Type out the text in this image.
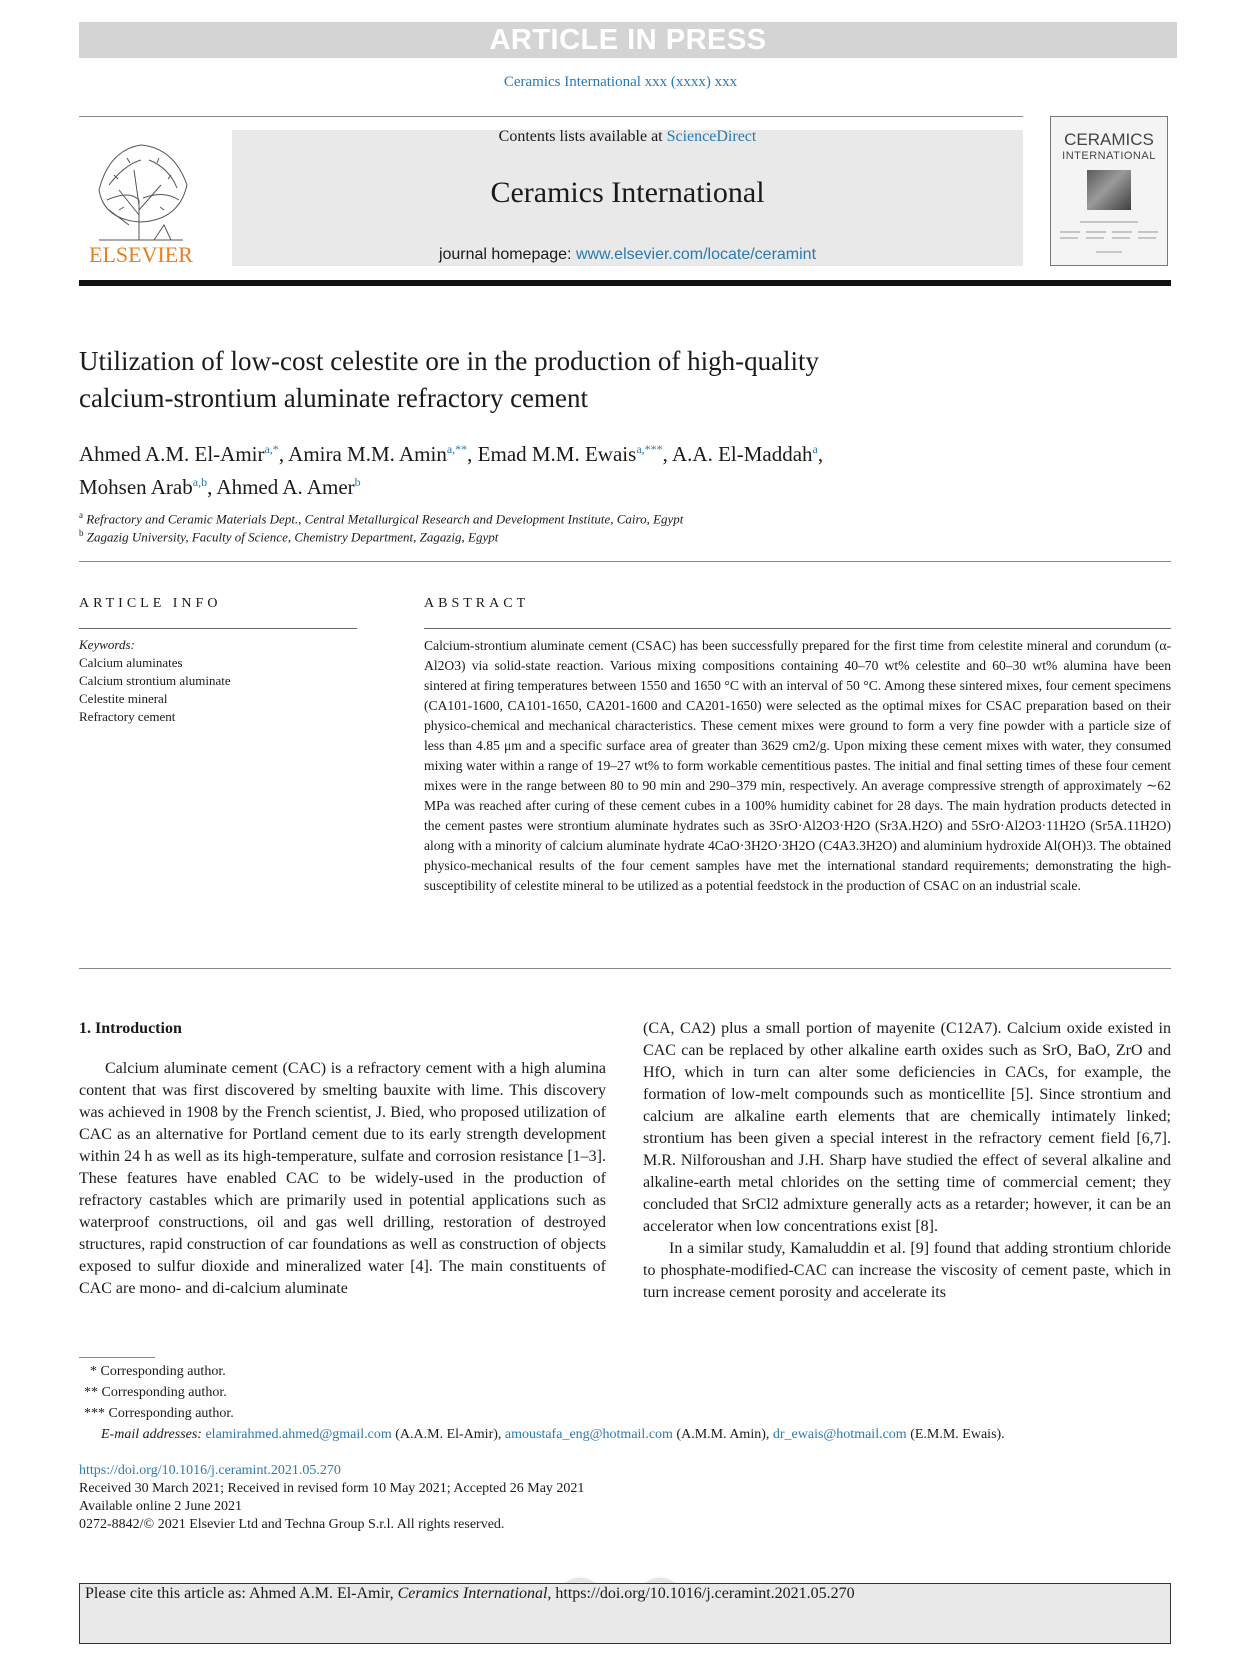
ARTICLE IN PRESS
Ceramics International xxx (xxxx) xxx
ELSEVIER
Contents lists available at ScienceDirect
Ceramics International
journal homepage: www.elsevier.com/locate/ceramint
CERAMICS
INTERNATIONAL
Utilization of low-cost celestite ore in the production of high-quality
calcium-strontium aluminate refractory cement
Ahmed A.M. El-Amir$^{a,*}$, Amira M.M. Amin$^{a,**}$, Emad M.M. Ewais$^{a,***}$, A.A. El-Maddah$^a$,
Mohsen Arab$^{a,b}$, Ahmed A. Amer$^b$
$^a$ Refractory and Ceramic Materials Dept., Central Metallurgical Research and Development Institute, Cairo, Egypt
$^b$ Zagazig University, Faculty of Science, Chemistry Department, Zagazig, Egypt
ARTICLE INFO	ABSTRACT
Keywords:
Calcium aluminates
Calcium strontium aluminate
Celestite mineral
Refractory cement
Calcium-strontium aluminate cement (CSAC) has been successfully prepared for the first time from celestite mineral and corundum (α-Al2O3) via solid-state reaction. Various mixing compositions containing 40–70 wt% celestite and 60–30 wt% alumina have been sintered at firing temperatures between 1550 and 1650 °C with an interval of 50 °C. Among these sintered mixes, four cement specimens (CA101-1600, CA101-1650, CA201-1600 and CA201-1650) were selected as the optimal mixes for CSAC preparation based on their physico-chemical and mechanical characteristics. These cement mixes were ground to form a very fine powder with a particle size of less than 4.85 μm and a specific surface area of greater than 3629 cm2/g. Upon mixing these cement mixes with water, they consumed mixing water within a range of 19–27 wt% to form workable cementitious pastes. The initial and final setting times of these four cement mixes were in the range between 80 to 90 min and 290–379 min, respectively. An average compressive strength of approximately ∼62 MPa was reached after curing of these cement cubes in a 100% humidity cabinet for 28 days. The main hydration products detected in the cement pastes were strontium aluminate hydrates such as 3SrO·Al2O3·H2O (Sr3A.H2O) and 5SrO·Al2O3·11H2O (Sr5A.11H2O) along with a minority of calcium aluminate hydrate 4CaO·3H2O·3H2O (C4A3.3H2O) and aluminium hydroxide Al(OH)3. The obtained physico-mechanical results of the four cement samples have met the international standard requirements; demonstrating the high-susceptibility of celestite mineral to be utilized as a potential feedstock in the production of CSAC on an industrial scale.
1. Introduction
Calcium aluminate cement (CAC) is a refractory cement with a high alumina content that was first discovered by smelting bauxite with lime. This discovery was achieved in 1908 by the French scientist, J. Bied, who proposed utilization of CAC as an alternative for Portland cement due to its early strength development within 24 h as well as its high-temperature, sulfate and corrosion resistance [1–3]. These features have enabled CAC to be widely-used in the production of refractory castables which are primarily used in potential applications such as waterproof constructions, oil and gas well drilling, restoration of destroyed structures, rapid construction of car foundations as well as construction of objects exposed to sulfur dioxide and mineralized water [4]. The main constituents of CAC are mono- and di-calcium aluminate
(CA, CA2) plus a small portion of mayenite (C12A7). Calcium oxide existed in CAC can be replaced by other alkaline earth oxides such as SrO, BaO, ZrO and HfO, which in turn can alter some deficiencies in CACs, for example, the formation of low-melt compounds such as monticellite [5]. Since strontium and calcium are alkaline earth elements that are chemically intimately linked; strontium has been given a special interest in the refractory cement field [6,7]. M.R. Nilforoushan and J.H. Sharp have studied the effect of several alkaline and alkaline-earth metal chlorides on the setting time of commercial cement; they concluded that SrCl2 admixture generally acts as a retarder; however, it can be an accelerator when low concentrations exist [8].
In a similar study, Kamaluddin et al. [9] found that adding strontium chloride to phosphate-modified-CAC can increase the viscosity of cement paste, which in turn increase cement porosity and accelerate its
* Corresponding author.
** Corresponding author.
*** Corresponding author.
E-mail addresses: elamirahmed.ahmed@gmail.com (A.A.M. El-Amir), amoustafa_eng@hotmail.com (A.M.M. Amin), dr_ewais@hotmail.com (E.M.M. Ewais).
https://doi.org/10.1016/j.ceramint.2021.05.270
Received 30 March 2021; Received in revised form 10 May 2021; Accepted 26 May 2021
Available online 2 June 2021
0272-8842/© 2021 Elsevier Ltd and Techna Group S.r.l. All rights reserved.
Please cite this article as: Ahmed A.M. El-Amir, Ceramics International, https://doi.org/10.1016/j.ceramint.2021.05.270
